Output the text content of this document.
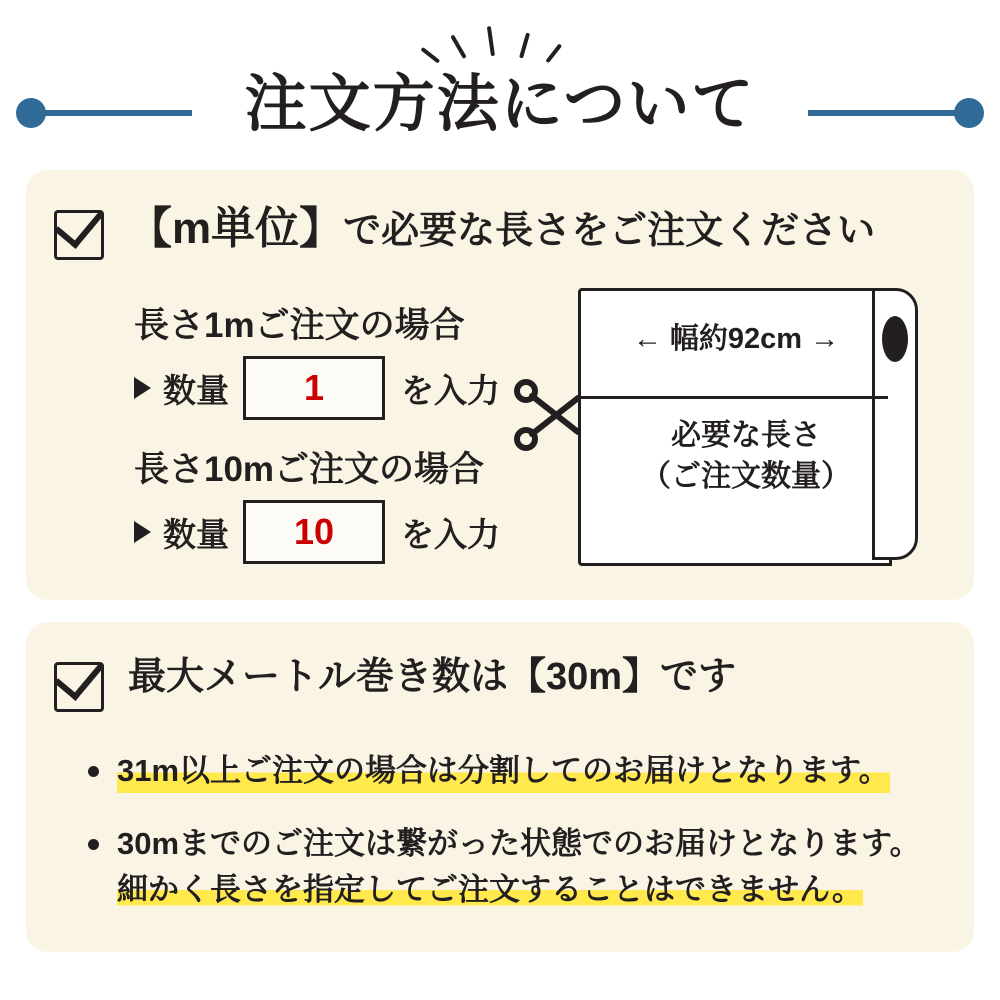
注文方法について
【m単位】で必要な長さをご注文ください
長さ1mご注文の場合
数量	1	を入力
長さ10mご注文の場合
数量	10	を入力
← 幅約92cm →
必要な長さ
（ご注文数量）
最大メートル巻き数は【30m】です
31m以上ご注文の場合は分割してのお届けとなります。
30mまでのご注文は繋がった状態でのお届けとなります。
細かく長さを指定してご注文することはできません。
